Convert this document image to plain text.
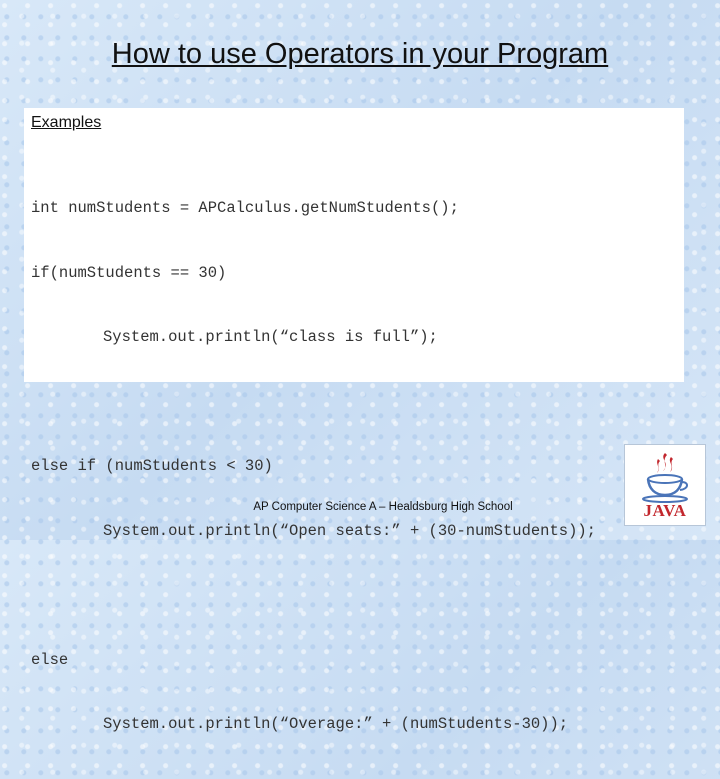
How to use Operators in your Program
Examples

int numStudents = APCalculus.getNumStudents();

if(numStudents == 30)

System.out.println(“class is full”);

else if (numStudents < 30)

System.out.println(“Open seats:” + (30-numStudents));

else

System.out.println(“Overage:” + (numStudents-30));

AP Computer Science A – Healdsburg High School	JAVA
